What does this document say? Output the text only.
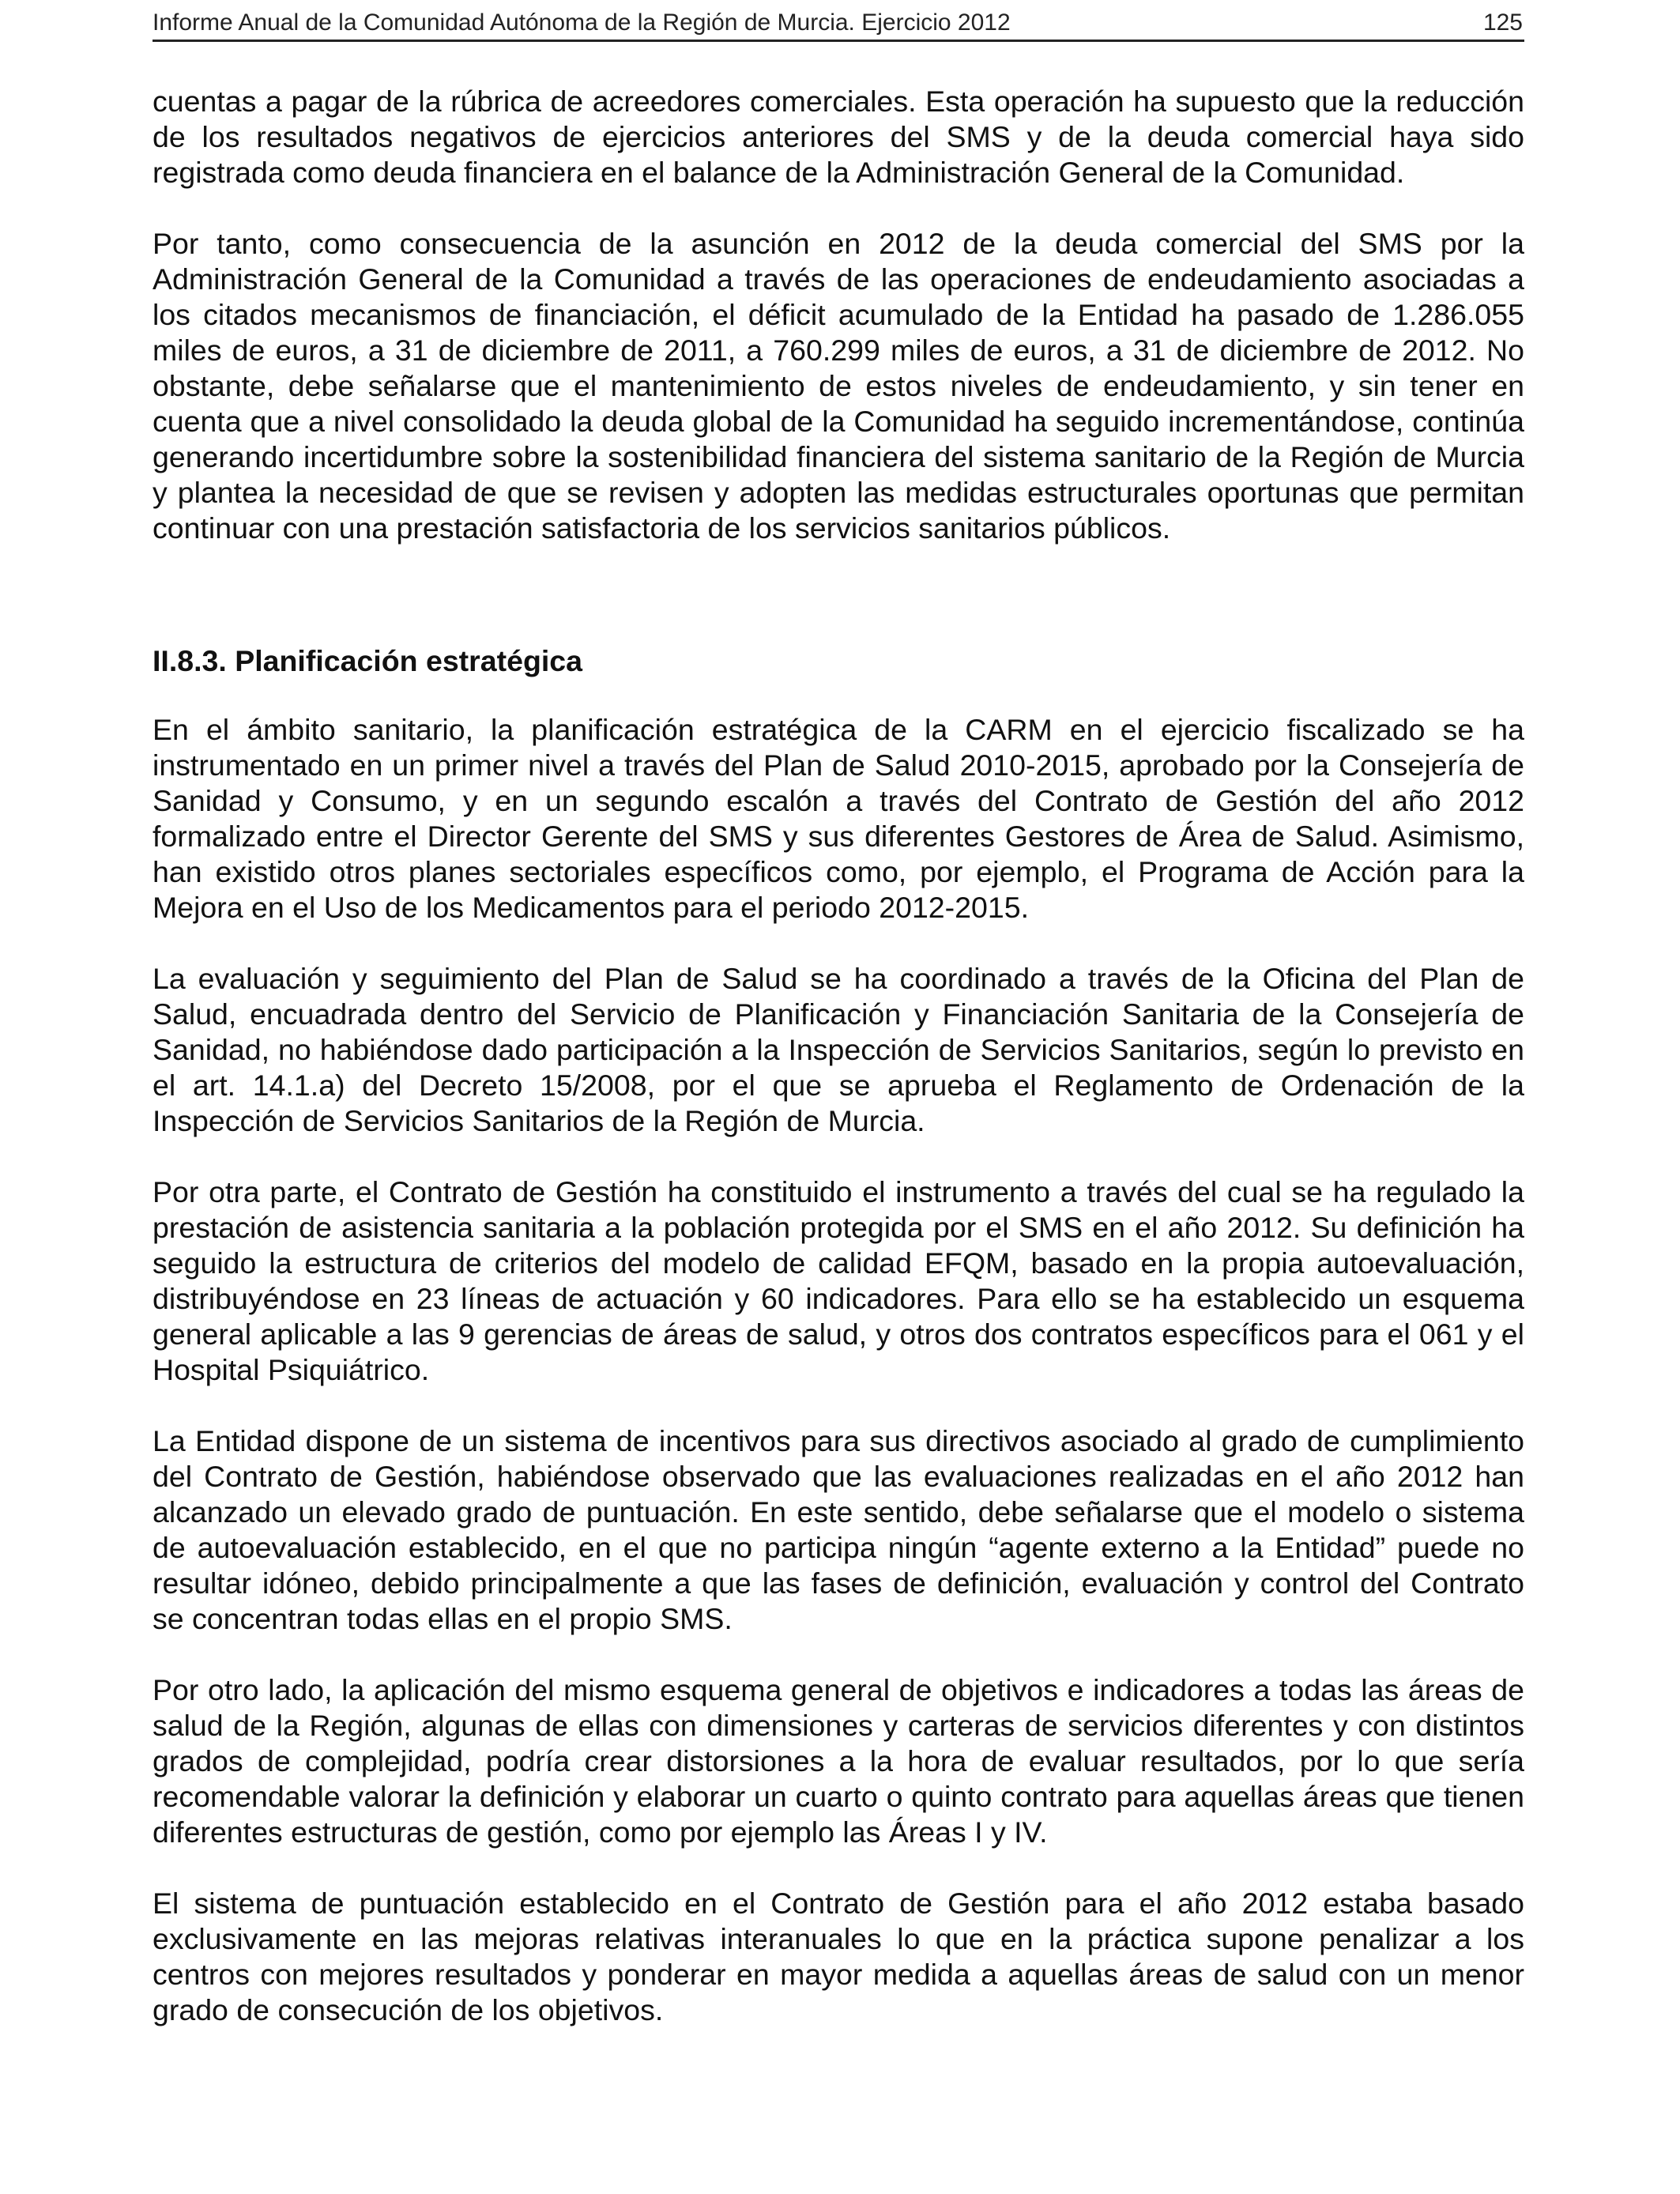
Informe Anual de la Comunidad Autónoma de la Región de Murcia. Ejercicio 2012	125

cuentas a pagar de la rúbrica de acreedores comerciales. Esta operación ha supuesto que la reducción de los resultados negativos de ejercicios anteriores del SMS y de la deuda comercial haya sido registrada como deuda financiera en el balance de la Administración General de la Comunidad.

Por tanto, como consecuencia de la asunción en 2012 de la deuda comercial del SMS por la Administración General de la Comunidad a través de las operaciones de endeudamiento asociadas a los citados mecanismos de financiación, el déficit acumulado de la Entidad ha pasado de 1.286.055 miles de euros, a 31 de diciembre de 2011, a 760.299 miles de euros, a 31 de diciembre de 2012. No obstante, debe señalarse que el mantenimiento de estos niveles de endeudamiento, y sin tener en cuenta que a nivel consolidado la deuda global de la Comunidad ha seguido incrementándose, continúa generando incertidumbre sobre la sostenibilidad financiera del sistema sanitario de la Región de Murcia y plantea la necesidad de que se revisen y adopten las medidas estructurales oportunas que permitan continuar con una prestación satisfactoria de los servicios sanitarios públicos.

II.8.3. Planificación estratégica

En el ámbito sanitario, la planificación estratégica de la CARM en el ejercicio fiscalizado se ha instrumentado en un primer nivel a través del Plan de Salud 2010-2015, aprobado por la Consejería de Sanidad y Consumo, y en un segundo escalón a través del Contrato de Gestión del año 2012 formalizado entre el Director Gerente del SMS y sus diferentes Gestores de Área de Salud. Asimismo, han existido otros planes sectoriales específicos como, por ejemplo, el Programa de Acción para la Mejora en el Uso de los Medicamentos para el periodo 2012-2015.

La evaluación y seguimiento del Plan de Salud se ha coordinado a través de la Oficina del Plan de Salud, encuadrada dentro del Servicio de Planificación y Financiación Sanitaria de la Consejería de Sanidad, no habiéndose dado participación a la Inspección de Servicios Sanitarios, según lo previsto en el art. 14.1.a) del Decreto 15/2008, por el que se aprueba el Reglamento de Ordenación de la Inspección de Servicios Sanitarios de la Región de Murcia.

Por otra parte, el Contrato de Gestión ha constituido el instrumento a través del cual se ha regulado la prestación de asistencia sanitaria a la población protegida por el SMS en el año 2012. Su definición ha seguido la estructura de criterios del modelo de calidad EFQM, basado en la propia autoevaluación, distribuyéndose en 23 líneas de actuación y 60 indicadores. Para ello se ha establecido un esquema general aplicable a las 9 gerencias de áreas de salud, y otros dos contratos específicos para el 061 y el Hospital Psiquiátrico.

La Entidad dispone de un sistema de incentivos para sus directivos asociado al grado de cumplimiento del Contrato de Gestión, habiéndose observado que las evaluaciones realizadas en el año 2012 han alcanzado un elevado grado de puntuación. En este sentido, debe señalarse que el modelo o sistema de autoevaluación establecido, en el que no participa ningún “agente externo a la Entidad” puede no resultar idóneo, debido principalmente a que las fases de definición, evaluación y control del Contrato se concentran todas ellas en el propio SMS.

Por otro lado, la aplicación del mismo esquema general de objetivos e indicadores a todas las áreas de salud de la Región, algunas de ellas con dimensiones y carteras de servicios diferentes y con distintos grados de complejidad, podría crear distorsiones a la hora de evaluar resultados, por lo que sería recomendable valorar la definición y elaborar un cuarto o quinto contrato para aquellas áreas que tienen diferentes estructuras de gestión, como por ejemplo las Áreas I y IV.

El sistema de puntuación establecido en el Contrato de Gestión para el año 2012 estaba basado exclusivamente en las mejoras relativas interanuales lo que en la práctica supone penalizar a los centros con mejores resultados y ponderar en mayor medida a aquellas áreas de salud con un menor grado de consecución de los objetivos.
